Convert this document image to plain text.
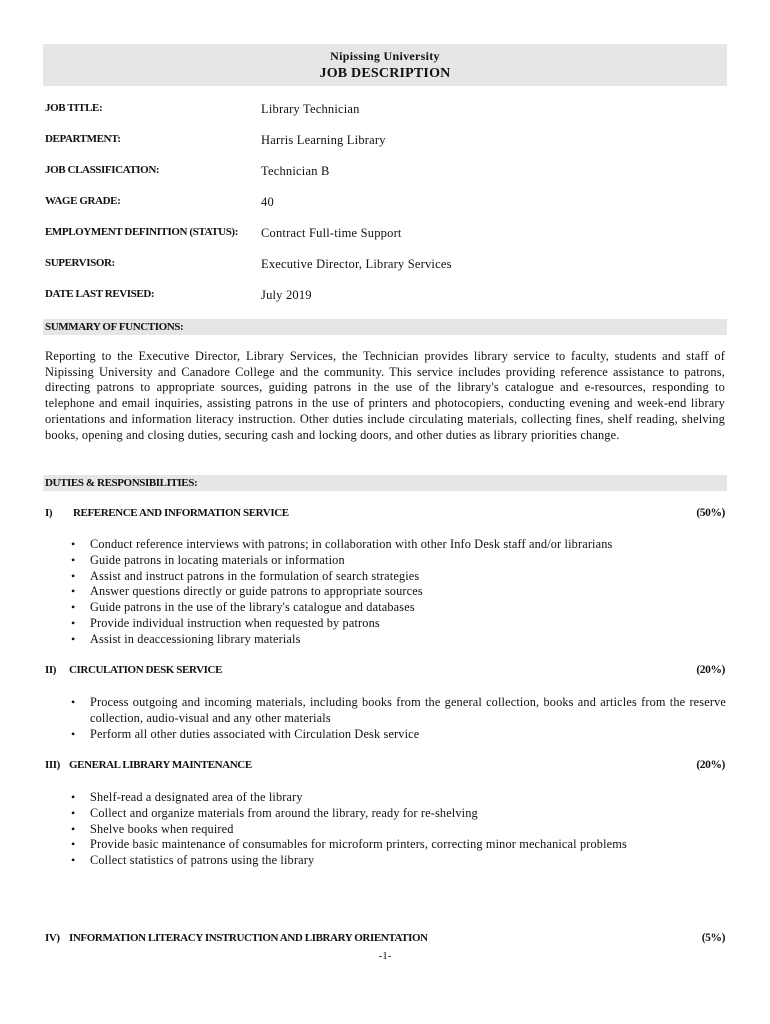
Nipissing University
JOB DESCRIPTION
JOB TITLE:	Library Technician
DEPARTMENT:	Harris Learning Library
JOB CLASSIFICATION:	Technician B
WAGE GRADE:	40
EMPLOYMENT DEFINITION (STATUS): Contract Full-time Support
SUPERVISOR:	Executive Director, Library Services
DATE LAST REVISED:	July 2019
SUMMARY OF FUNCTIONS:

Reporting to the Executive Director, Library Services, the Technician provides library service to faculty, students and staff of Nipissing University and Canadore College and the community. This service includes providing reference assistance to patrons, directing patrons to appropriate sources, guiding patrons in the use of the library's catalogue and e-resources, responding to telephone and email inquiries, assisting patrons in the use of printers and photocopiers, conducting evening and week-end library orientations and information literacy instruction. Other duties include circulating materials, collecting fines, shelf reading, shelving books, opening and closing duties, securing cash and locking doors, and other duties as library priorities change.

DUTIES & RESPONSIBILITIES:
I) REFERENCE AND INFORMATION SERVICE	(50%)
• Conduct reference interviews with patrons; in collaboration with other Info Desk staff and/or librarians
• Guide patrons in locating materials or information
• Assist and instruct patrons in the formulation of search strategies
• Answer questions directly or guide patrons to appropriate sources
• Guide patrons in the use of the library's catalogue and databases
• Provide individual instruction when requested by patrons
• Assist in deaccessioning library materials
II) CIRCULATION DESK SERVICE	(20%)
• Process outgoing and incoming materials, including books from the general collection, books and articles from the reserve collection, audio-visual and any other materials
• Perform all other duties associated with Circulation Desk service
III) GENERAL LIBRARY MAINTENANCE	(20%)
• Shelf-read a designated area of the library
• Collect and organize materials from around the library, ready for re-shelving
• Shelve books when required
• Provide basic maintenance of consumables for microform printers, correcting minor mechanical problems
• Collect statistics of patrons using the library
IV) INFORMATION LITERACY INSTRUCTION AND LIBRARY ORIENTATION	(5%)
-1-
